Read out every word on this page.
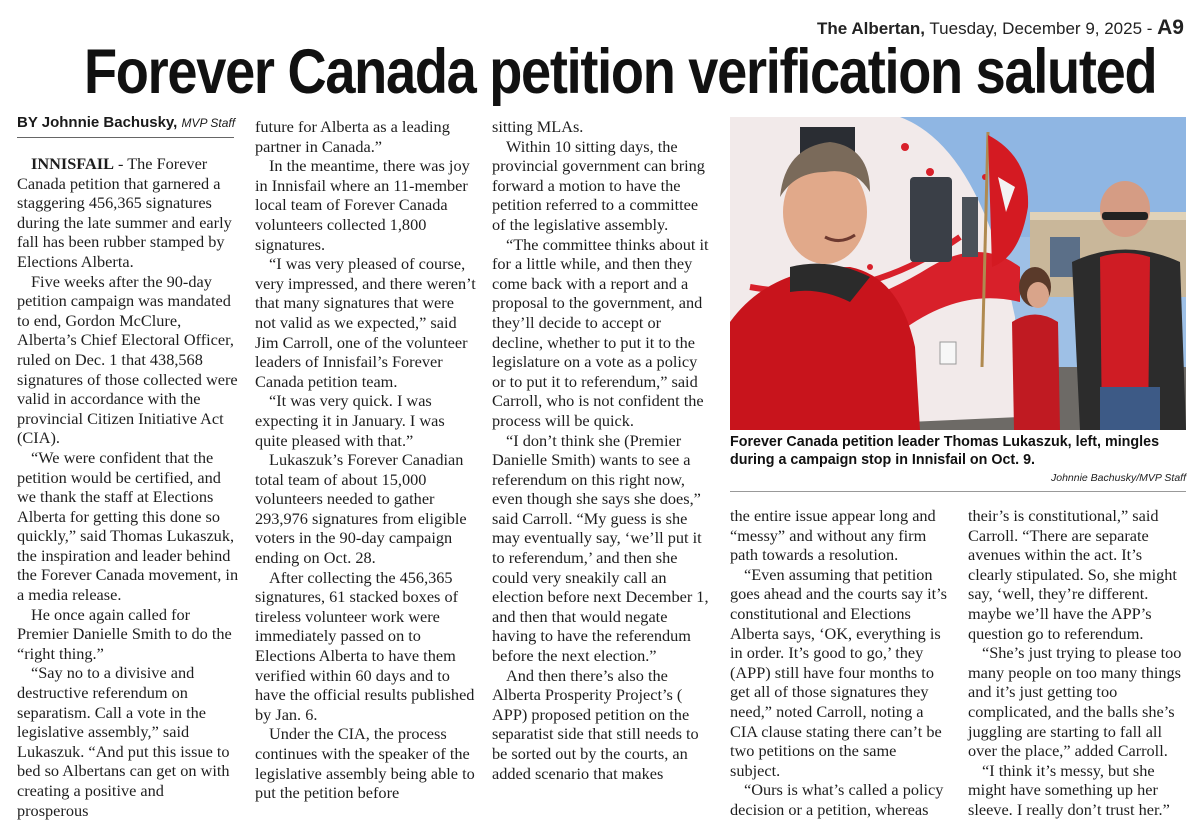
The Albertan, Tuesday, December 9, 2025 - A9
Forever Canada petition verification saluted
BY Johnnie Bachusky, MVP Staff

INNISFAIL - The Forever Canada petition that garnered a staggering 456,365 signatures during the late summer and early fall has been rubber stamped by Elections Alberta.

Five weeks after the 90-day petition campaign was mandated to end, Gordon McClure, Alberta’s Chief Electoral Officer, ruled on Dec. 1 that 438,568 signatures of those collected were valid in accordance with the provincial Citizen Initiative Act (CIA).

“We were confident that the petition would be certified, and we thank the staff at Elections Alberta for getting this done so quickly,” said Thomas Lukaszuk, the inspiration and leader behind the Forever Canada movement, in a media release.

He once again called for Premier Danielle Smith to do the “right thing.”

“Say no to a divisive and destructive referendum on separatism. Call a vote in the legislative assembly,” said Lukaszuk. “And put this issue to bed so Albertans can get on with creating a positive and prosperous

future for Alberta as a leading partner in Canada.”

In the meantime, there was joy in Innisfail where an 11-member local team of Forever Canada volunteers collected 1,800 signatures.

“I was very pleased of course, very impressed, and there weren’t that many signatures that were not valid as we expected,” said Jim Carroll, one of the volunteer leaders of Innisfail’s Forever Canada petition team.

“It was very quick. I was expecting it in January. I was quite pleased with that.”

Lukaszuk’s Forever Canadian total team of about 15,000 volunteers needed to gather 293,976 signatures from eligible voters in the 90-day campaign ending on Oct. 28.

After collecting the 456,365 signatures, 61 stacked boxes of tireless volunteer work were immediately passed on to Elections Alberta to have them verified within 60 days and to have the official results published by Jan. 6.

Under the CIA, the process continues with the speaker of the legislative assembly being able to put the petition before

sitting MLAs.

Within 10 sitting days, the provincial government can bring forward a motion to have the petition referred to a committee of the legislative assembly.

“The committee thinks about it for a little while, and then they come back with a report and a proposal to the government, and they’ll decide to accept or decline, whether to put it to the legislature on a vote as a policy or to put it to referendum,” said Carroll, who is not confident the process will be quick.

“I don’t think she (Premier Danielle Smith) wants to see a referendum on this right now, even though she says she does,” said Carroll. “My guess is she may eventually say, ‘we’ll put it to referendum,’ and then she could very sneakily call an election before next December 1, and then that would negate having to have the referendum before the next election.”

And then there’s also the Alberta Prosperity Project’s ( APP) proposed petition on the separatist side that still needs to be sorted out by the courts, an added scenario that makes

Forever Canada petition leader Thomas Lukaszuk, left, mingles during a campaign stop in Innisfail on Oct. 9.
Johnnie Bachusky/MVP Staff

the entire issue appear long and “messy” and without any firm path towards a resolution.

“Even assuming that petition goes ahead and the courts say it’s constitutional and Elections Alberta says, ‘OK, everything is in order. It’s good to go,’ they (APP) still have four months to get all of those signatures they need,” noted Carroll, noting a CIA clause stating there can’t be two petitions on the same subject.

“Ours is what’s called a policy decision or a petition, whereas

their’s is constitutional,” said Carroll. “There are separate avenues within the act. It’s clearly stipulated. So, she might say, ‘well, they’re different. maybe we’ll have the APP’s question go to referendum.

“She’s just trying to please too many people on too many things and it’s just getting too complicated, and the balls she’s juggling are starting to fall all over the place,” added Carroll.

“I think it’s messy, but she might have something up her sleeve. I really don’t trust her.”
